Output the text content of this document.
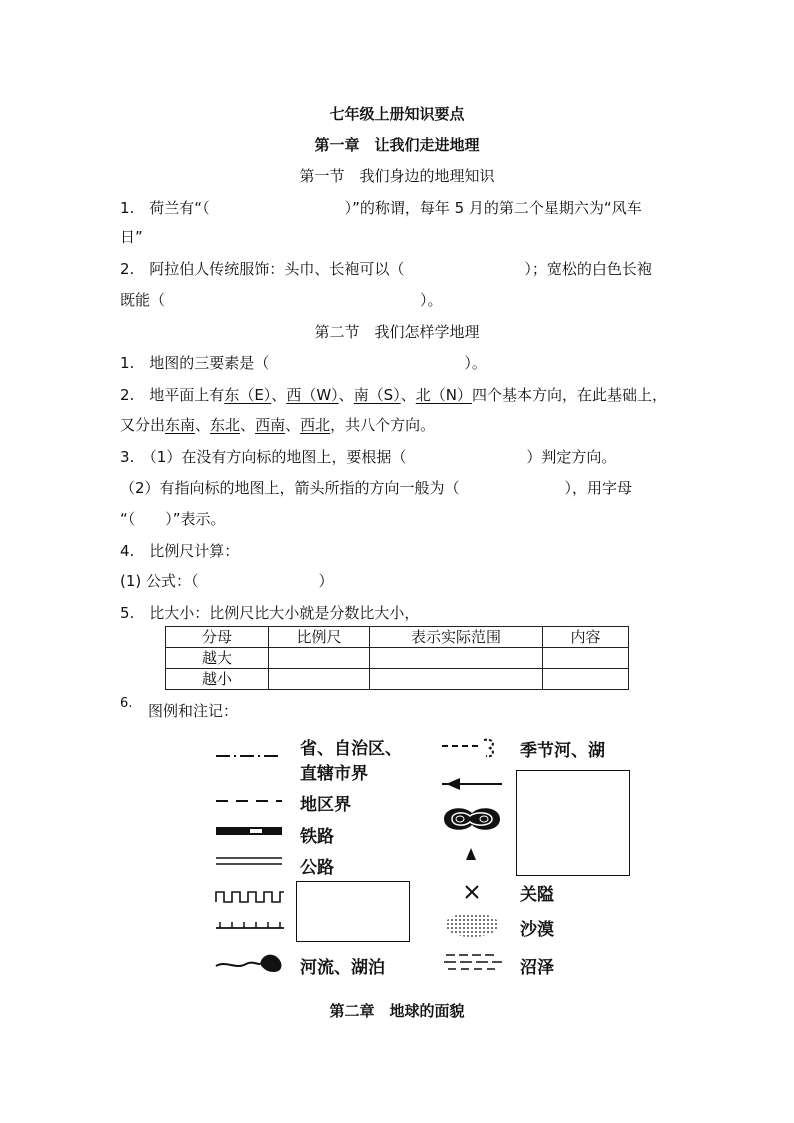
七年级上册知识要点
第一章　让我们走进地理
第一节　我们身边的地理知识
1.　荷兰有“（　　　　　　　　　）”的称谓，每年 5 月的第二个星期六为“风车
日”
2.　阿拉伯人传统服饰：头巾、长袍可以（　　　　　　　　）；宽松的白色长袍
既能（　　　　　　　　　　　　　　　　　）。
第二节　我们怎样学地理
1.　地图的三要素是（　　　　　　　　　　　　　）。
2.　地平面上有东（E）、西（W）、南（S）、北（N）四个基本方向，在此基础上，
又分出东南、东北、西南、西北，共八个方向。
3.　（1）在没有方向标的地图上，要根据（　　　　　　　　）判定方向。
（2）有指向标的地图上，箭头所指的方向一般为（　　　　　　　），用字母
“（　　）”表示。
4.　比例尺计算：
(1) 公式：（　　　　　　　　）
5.　比大小：比例尺比大小就是分数比大小，
分母	比例尺	表示实际范围	内容
越大			
越小			
6. 图例和注记：
省、自治区、
直辖市界
地区界
铁路
公路
河流、湖泊
季节河、湖
关隘
沙漠
沼泽
第二章　地球的面貌
